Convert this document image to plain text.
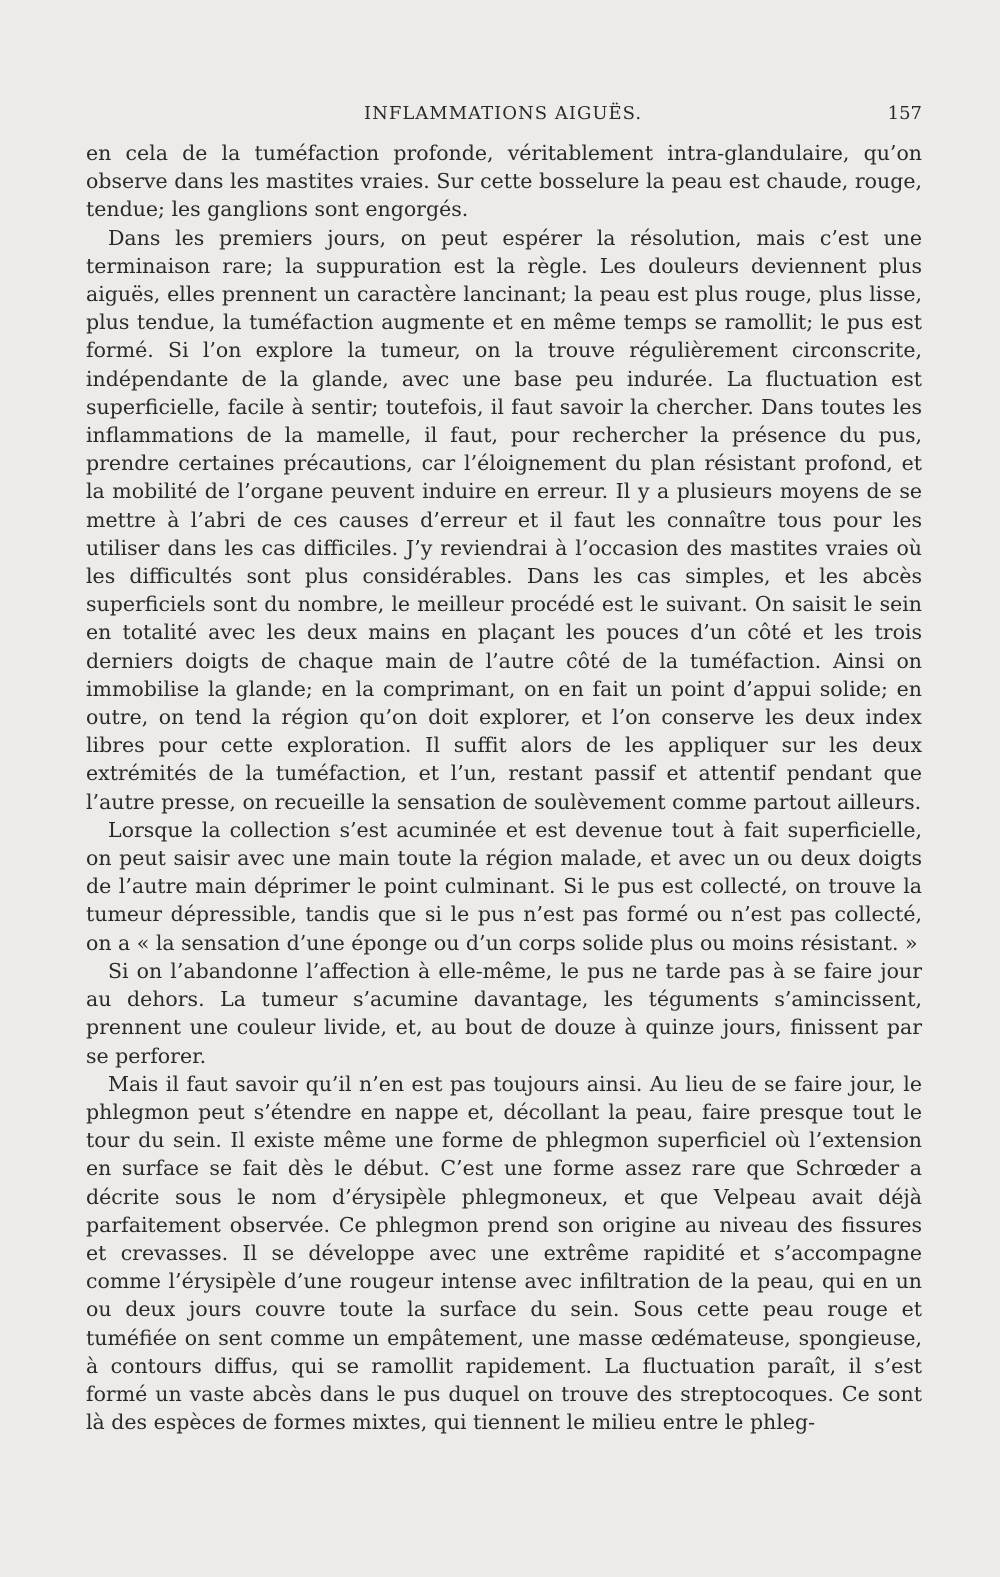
INFLAMMATIONS AIGUËS.	157

en cela de la tuméfaction profonde, véritablement intra-glandulaire, qu’on observe dans les mastites vraies. Sur cette bosselure la peau est chaude, rouge, tendue; les ganglions sont engorgés.

Dans les premiers jours, on peut espérer la résolution, mais c’est une terminaison rare; la suppuration est la règle. Les douleurs deviennent plus aiguës, elles prennent un caractère lancinant; la peau est plus rouge, plus lisse, plus tendue, la tuméfaction augmente et en même temps se ramollit; le pus est formé. Si l’on explore la tumeur, on la trouve régulièrement circonscrite, indépendante de la glande, avec une base peu indurée. La fluctuation est superficielle, facile à sentir; toutefois, il faut savoir la chercher. Dans toutes les inflammations de la mamelle, il faut, pour rechercher la présence du pus, prendre certaines précautions, car l’éloignement du plan résistant profond, et la mobilité de l’organe peuvent induire en erreur. Il y a plusieurs moyens de se mettre à l’abri de ces causes d’erreur et il faut les connaître tous pour les utiliser dans les cas difficiles. J’y reviendrai à l’occasion des mastites vraies où les difficultés sont plus considérables. Dans les cas simples, et les abcès superficiels sont du nombre, le meilleur procédé est le suivant. On saisit le sein en totalité avec les deux mains en plaçant les pouces d’un côté et les trois derniers doigts de chaque main de l’autre côté de la tuméfaction. Ainsi on immobilise la glande; en la comprimant, on en fait un point d’appui solide; en outre, on tend la région qu’on doit explorer, et l’on conserve les deux index libres pour cette exploration. Il suffit alors de les appliquer sur les deux extrémités de la tuméfaction, et l’un, restant passif et attentif pendant que l’autre presse, on recueille la sensation de soulèvement comme partout ailleurs.

Lorsque la collection s’est acuminée et est devenue tout à fait superficielle, on peut saisir avec une main toute la région malade, et avec un ou deux doigts de l’autre main déprimer le point culminant. Si le pus est collecté, on trouve la tumeur dépressible, tandis que si le pus n’est pas formé ou n’est pas collecté, on a « la sensation d’une éponge ou d’un corps solide plus ou moins résistant. »

Si on l’abandonne l’affection à elle-même, le pus ne tarde pas à se faire jour au dehors. La tumeur s’acumine davantage, les téguments s’amincissent, prennent une couleur livide, et, au bout de douze à quinze jours, finissent par se perforer.

Mais il faut savoir qu’il n’en est pas toujours ainsi. Au lieu de se faire jour, le phlegmon peut s’étendre en nappe et, décollant la peau, faire presque tout le tour du sein. Il existe même une forme de phlegmon superficiel où l’extension en surface se fait dès le début. C’est une forme assez rare que Schrœder a décrite sous le nom d’érysipèle phlegmoneux, et que Velpeau avait déjà parfaitement observée. Ce phlegmon prend son origine au niveau des fissures et crevasses. Il se développe avec une extrême rapidité et s’accompagne comme l’érysipèle d’une rougeur intense avec infiltration de la peau, qui en un ou deux jours couvre toute la surface du sein. Sous cette peau rouge et tuméfiée on sent comme un empâtement, une masse œdémateuse, spongieuse, à contours diffus, qui se ramollit rapidement. La fluctuation paraît, il s’est formé un vaste abcès dans le pus duquel on trouve des streptocoques. Ce sont là des espèces de formes mixtes, qui tiennent le milieu entre le phleg-
